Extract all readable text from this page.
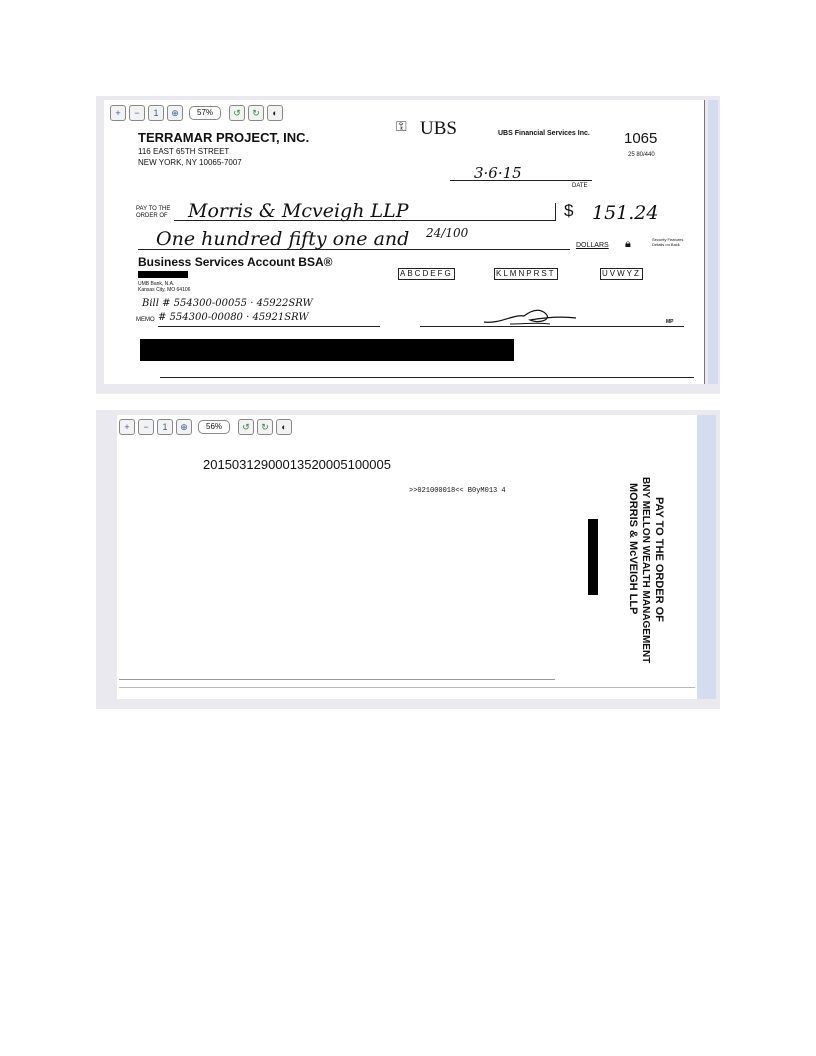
+	−	1	⊕	57%	↺	↻	◐
TERRAMAR PROJECT, INC.
116 EAST 65TH STREET
NEW YORK, NY 10065-7007
⚿ UBS	UBS Financial Services Inc. 1065
25 80/440
3·6·15
DATE
PAY TO THE
ORDER OF Morris & Mcveigh LLP	$ 151.24
One hundred fifty one and 24/100
DOLLARS 🔒︎	Security Features Details on Back
Business Services Account BSA®
ABCDEFG	KLMNPRST	UVWYZ
UMB Bank, N.A.
Kansas City, MO 64106
Bill # 554300-00055 · 45922SRW
MEMO # 554300-00080 · 45921SRW	MP
+	−	1	⊕	56%	↺	↻	◐
20150312900013520005100005
>>021000018<< B0yM013 4
PAY TO THE ORDER OF
BNY MELLON WEALTH MANAGEMENT
MORRIS & McVEIGH LLP
